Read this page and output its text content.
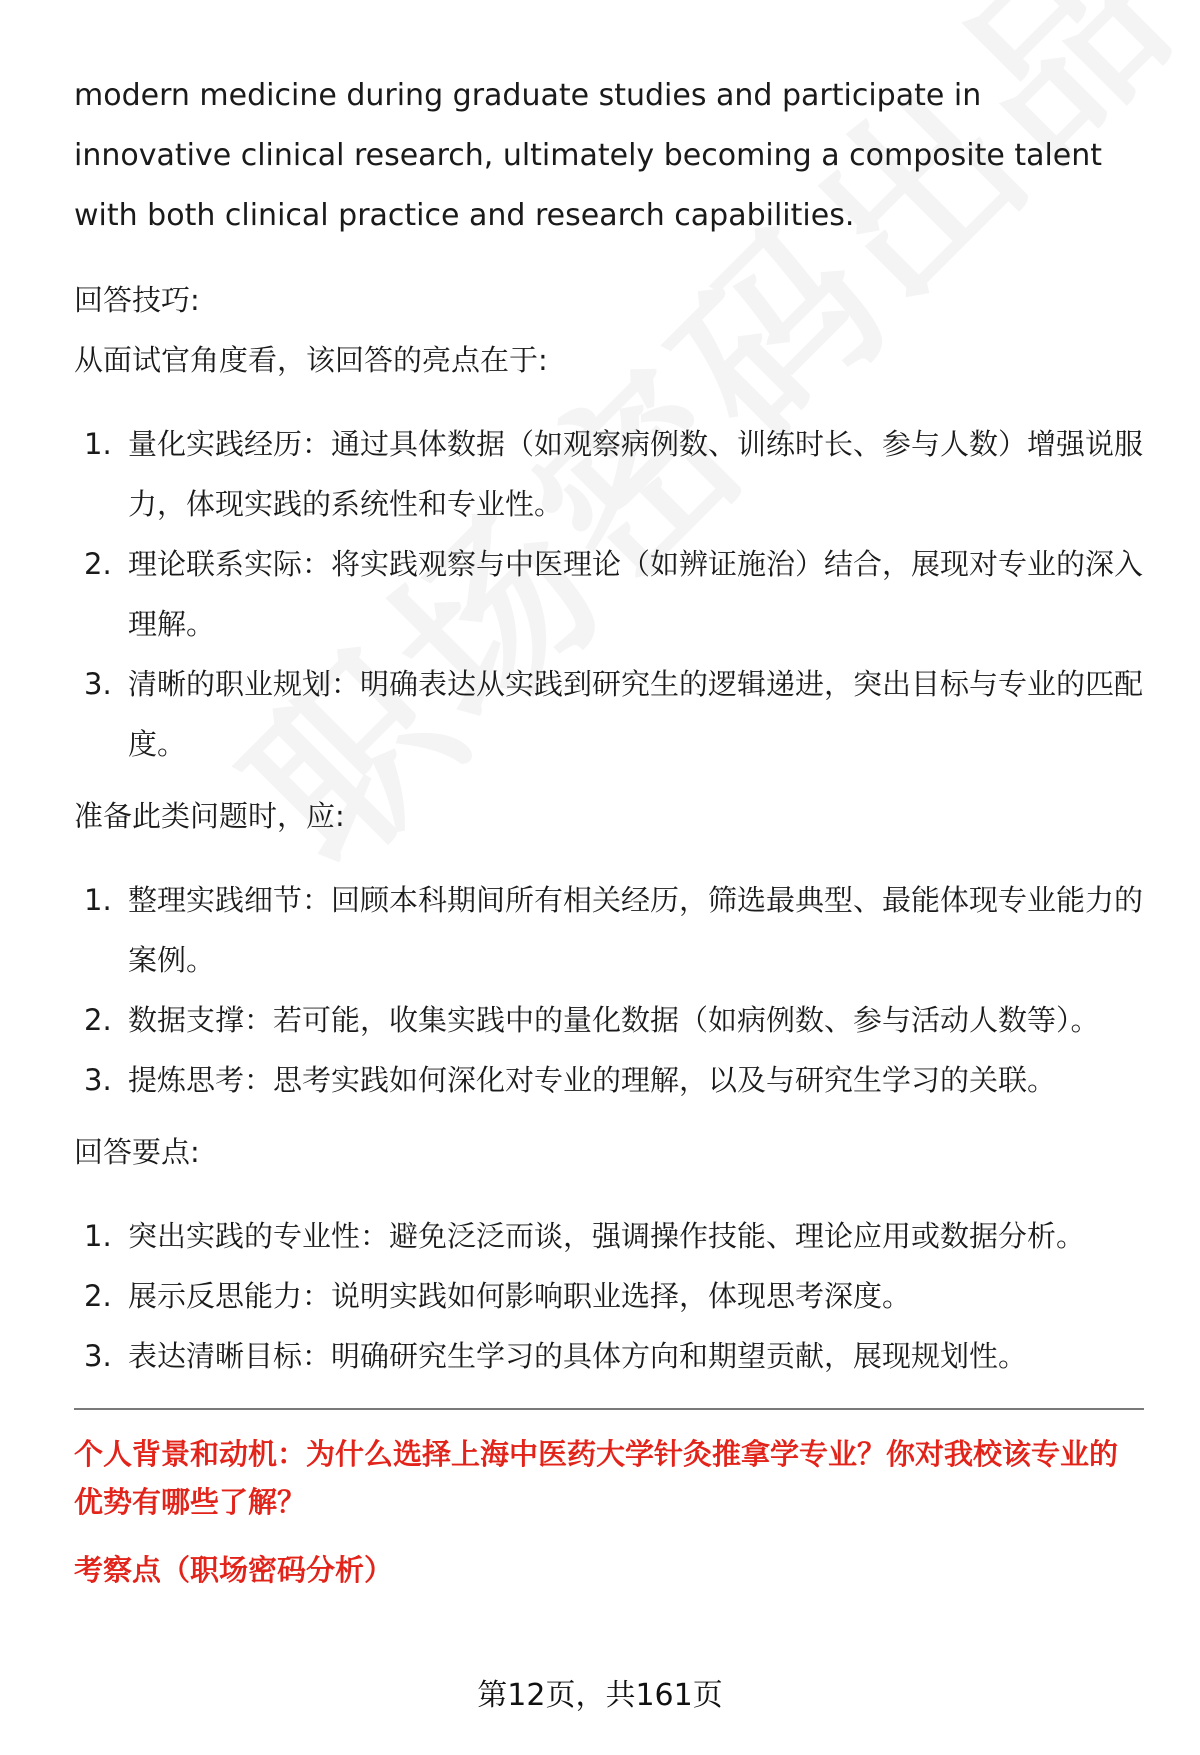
modern medicine during graduate studies and participate in innovative clinical research, ultimately becoming a composite talent with both clinical practice and research capabilities.

回答技巧:

从面试官角度看，该回答的亮点在于:

1. 量化实践经历：通过具体数据（如观察病例数、训练时长、参与人数）增强说服力，体现实践的系统性和专业性。
2. 理论联系实际：将实践观察与中医理论（如辨证施治）结合，展现对专业的深入理解。
3. 清晰的职业规划：明确表达从实践到研究生的逻辑递进，突出目标与专业的匹配度。

准备此类问题时，应:

1. 整理实践细节：回顾本科期间所有相关经历，筛选最典型、最能体现专业能力的案例。
2. 数据支撑：若可能，收集实践中的量化数据（如病例数、参与活动人数等）。
3. 提炼思考：思考实践如何深化对专业的理解，以及与研究生学习的关联。

回答要点:

1. 突出实践的专业性：避免泛泛而谈，强调操作技能、理论应用或数据分析。
2. 展示反思能力：说明实践如何影响职业选择，体现思考深度。
3. 表达清晰目标：明确研究生学习的具体方向和期望贡献，展现规划性。

个人背景和动机：为什么选择上海中医药大学针灸推拿学专业？你对我校该专业的优势有哪些了解？

考察点（职场密码分析）

第12页，共161页
